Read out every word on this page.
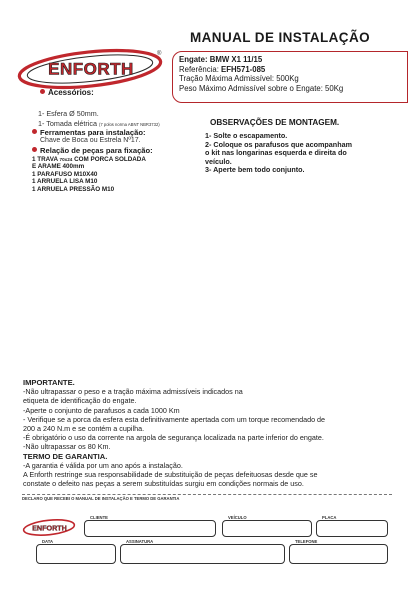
MANUAL DE INSTALAÇÃO
ENFORTH
®
Engate: BMW X1 11/15
Referência: EFH571-085
Tração Máxima Admissível: 500Kg
Peso Máximo Admissível sobre o Engate: 50Kg
Acessórios:
1- Esfera Ø 50mm.
1- Tomada elétrica (7 polos norma ABNT NBR3732)
Ferramentas para instalação:
Chave de Boca ou Estrela Nº17.
Relação de peças para fixação:
1 TRAVA 70x24 COM PORCA SOLDADA
E ARAME 400mm
1 PARAFUSO M10X40
1 ARRUELA LISA M10
1 ARRUELA PRESSÃO M10
OBSERVAÇÕES DE MONTAGEM.
1- Solte o escapamento.
2- Coloque os parafusos que acompanham
o kit nas longarinas esquerda e direita do
veículo.
3- Aperte bem todo conjunto.
IMPORTANTE.
-Não ultrapassar o peso e a tração máxima admissíveis indicados na
etiqueta de identificação do engate.
-Aperte o conjunto de parafusos a cada 1000 Km
- Verifique se a porca da esfera esta definitivamente apertada com um torque recomendado de
200 a 240 N.m e se contém a cupilha.
-É obrigatório o uso da corrente na argola de segurança localizada na parte inferior do engate.
-Não ultrapassar os 80 Km.
TERMO DE GARANTIA.
-A garantia é válida por um ano após a instalação.
A Enforth restringe sua responsabilidade de substituição de peças defeituosas desde que se
constate o defeito nas peças a serem substituídas surgiu em condições normais de uso.
DECLARO QUE RECEBI O MANUAL DE INSTALAÇÃO E TERMO DE GARANTIA
ENFORTH
CLIENTE	VEÍCULO	PLACA
DATA	ASSINATURA	TELEFONE
